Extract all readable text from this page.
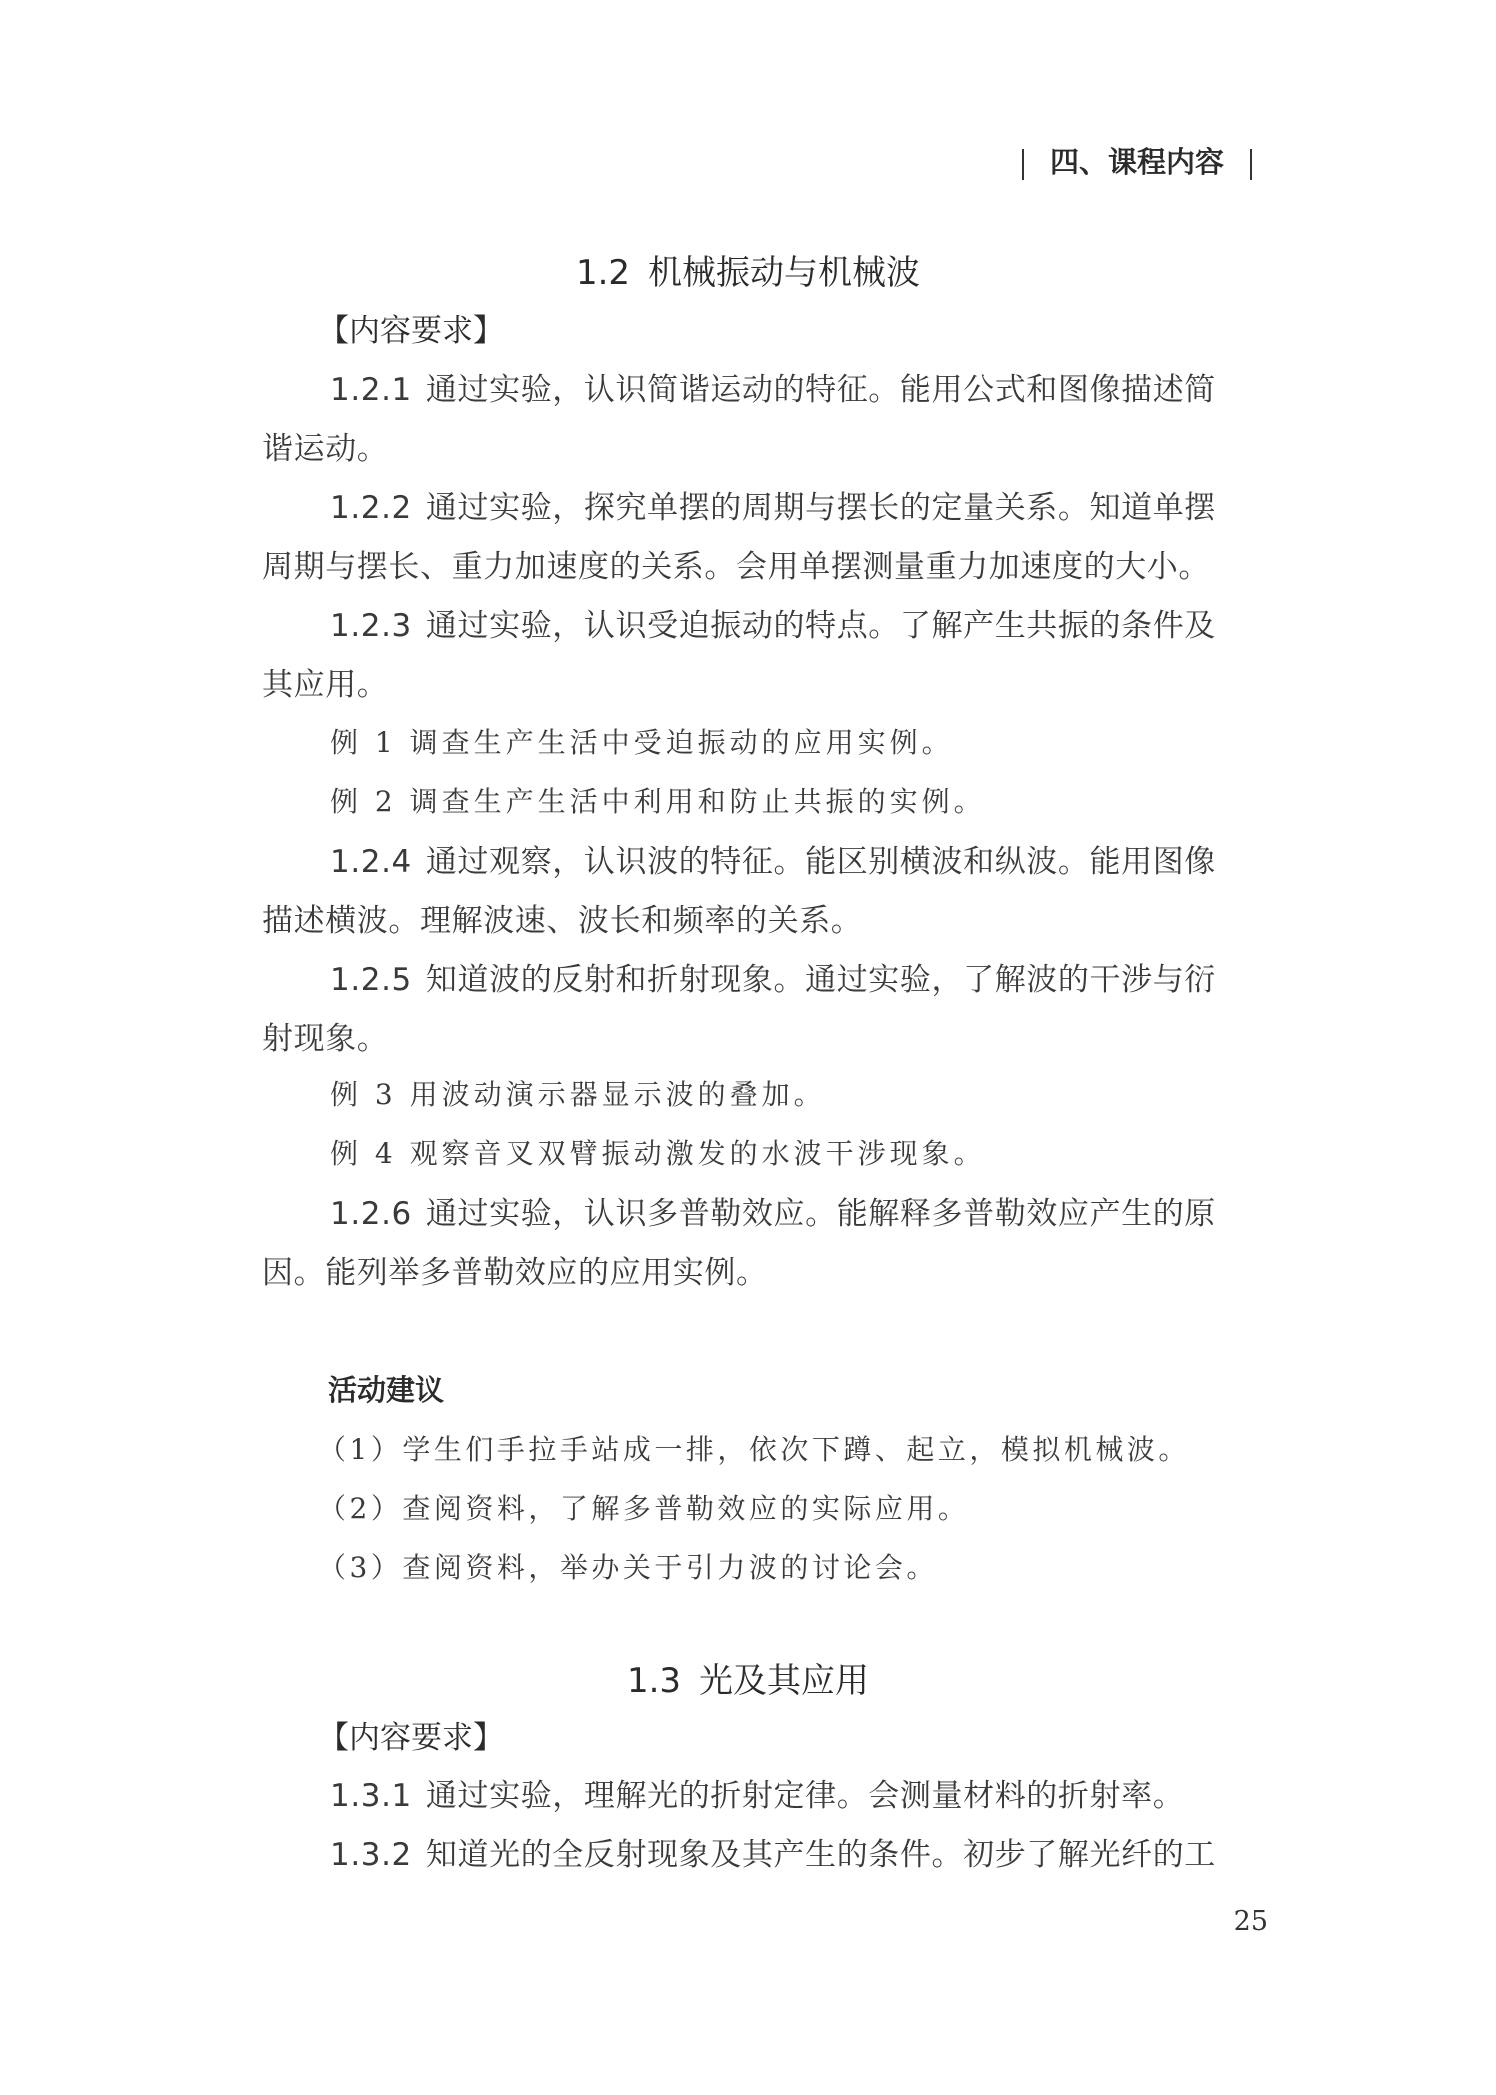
四、课程内容
1.2 机械振动与机械波
【内容要求】
1.2.1 通过实验，认识简谐运动的特征。能用公式和图像描述简
谐运动。
1.2.2 通过实验，探究单摆的周期与摆长的定量关系。知道单摆
周期与摆长、重力加速度的关系。会用单摆测量重力加速度的大小。
1.2.3 通过实验，认识受迫振动的特点。了解产生共振的条件及
其应用。
例 1 调查生产生活中受迫振动的应用实例。
例 2 调查生产生活中利用和防止共振的实例。
1.2.4 通过观察，认识波的特征。能区别横波和纵波。能用图像
描述横波。理解波速、波长和频率的关系。
1.2.5 知道波的反射和折射现象。通过实验，了解波的干涉与衍
射现象。
例 3 用波动演示器显示波的叠加。
例 4 观察音叉双臂振动激发的水波干涉现象。
1.2.6 通过实验，认识多普勒效应。能解释多普勒效应产生的原
因。能列举多普勒效应的应用实例。
活动建议
（1）学生们手拉手站成一排，依次下蹲、起立，模拟机械波。
（2）查阅资料，了解多普勒效应的实际应用。
（3）查阅资料，举办关于引力波的讨论会。
1.3 光及其应用
【内容要求】
1.3.1 通过实验，理解光的折射定律。会测量材料的折射率。
1.3.2 知道光的全反射现象及其产生的条件。初步了解光纤的工
25
